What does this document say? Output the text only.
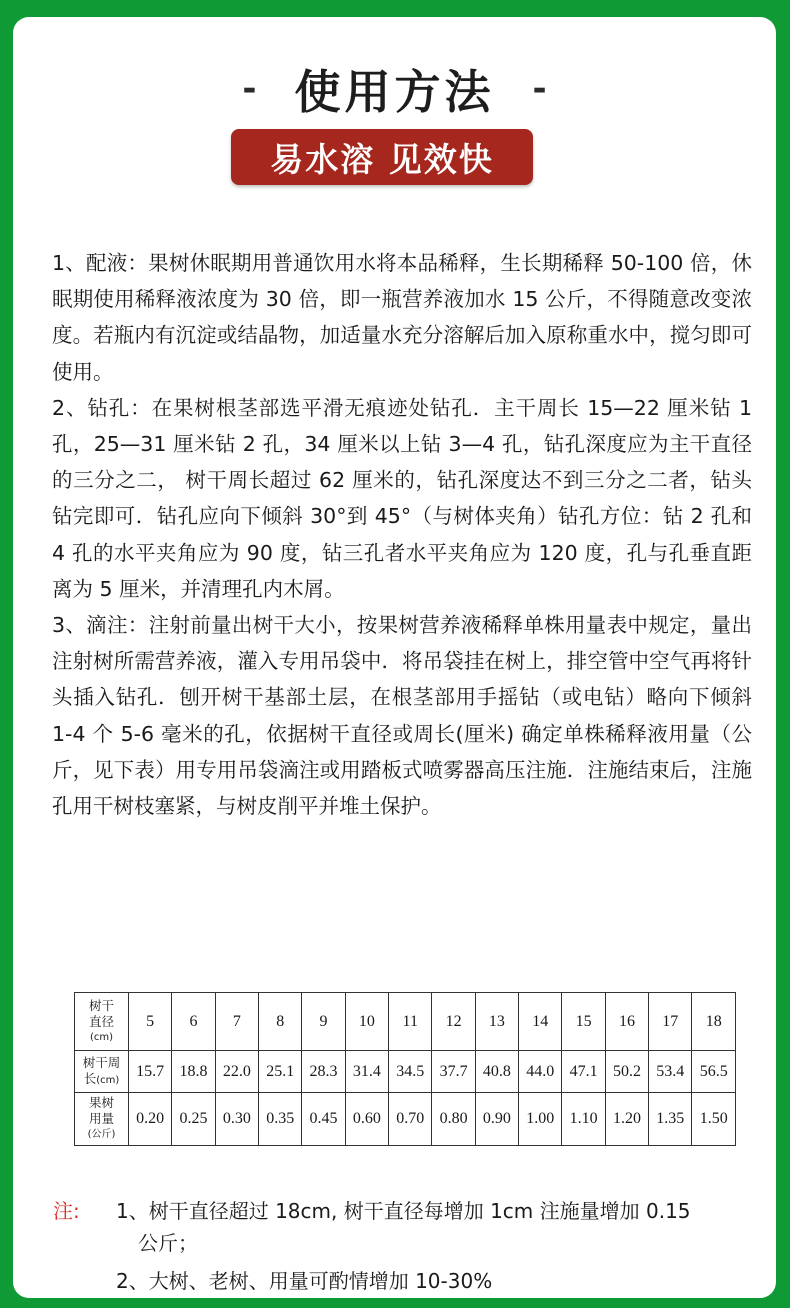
- 使用方法 -
易水溶 见效快

1、配液：果树休眠期用普通饮用水将本品稀释，生长期稀释 50-100 倍，休眠期使用稀释液浓度为 30 倍，即一瓶营养液加水 15 公斤，不得随意改变浓度。若瓶内有沉淀或结晶物，加适量水充分溶解后加入原称重水中，搅匀即可使用。

2、钻孔：在果树根茎部选平滑无痕迹处钻孔．主干周长 15—22 厘米钻 1 孔，25—31 厘米钻 2 孔，34 厘米以上钻 3—4 孔，钻孔深度应为主干直径的三分之二， 树干周长超过 62 厘米的，钻孔深度达不到三分之二者，钻头钻完即可．钻孔应向下倾斜 30°到 45°（与树体夹角）钻孔方位：钻 2 孔和 4 孔的水平夹角应为 90 度，钻三孔者水平夹角应为 120 度，孔与孔垂直距离为 5 厘米，并清理孔内木屑。

3、滴注：注射前量出树干大小，按果树营养液稀释单株用量表中规定，量出注射树所需营养液，灌入专用吊袋中．将吊袋挂在树上，排空管中空气再将针头插入钻孔．刨开树干基部土层，在根茎部用手摇钻（或电钻）略向下倾斜 1-4 个 5-6 毫米的孔，依据树干直径或周长(厘米) 确定单株稀释液用量（公斤，见下表）用专用吊袋滴注或用踏板式喷雾器高压注施．注施结束后，注施孔用干树枝塞紧，与树皮削平并堆土保护。

树干
直径
(cm)	5	6	7	8	9	10	11	12	13	14	15	16	17	18

树干周
长(cm)	15.7	18.8	22.0	25.1	28.3	31.4	34.5	37.7	40.8	44.0	47.1	50.2	53.4	56.5

果树
用量
(公斤)	0.20	0.25	0.30	0.35	0.45	0.60	0.70	0.80	0.90	1.00	1.10	1.20	1.35	1.50
注: 1、树干直径超过 18cm, 树干直径每增加 1cm 注施量增加 0.15
公斤；
2、大树、老树、用量可酌情增加 10-30%
